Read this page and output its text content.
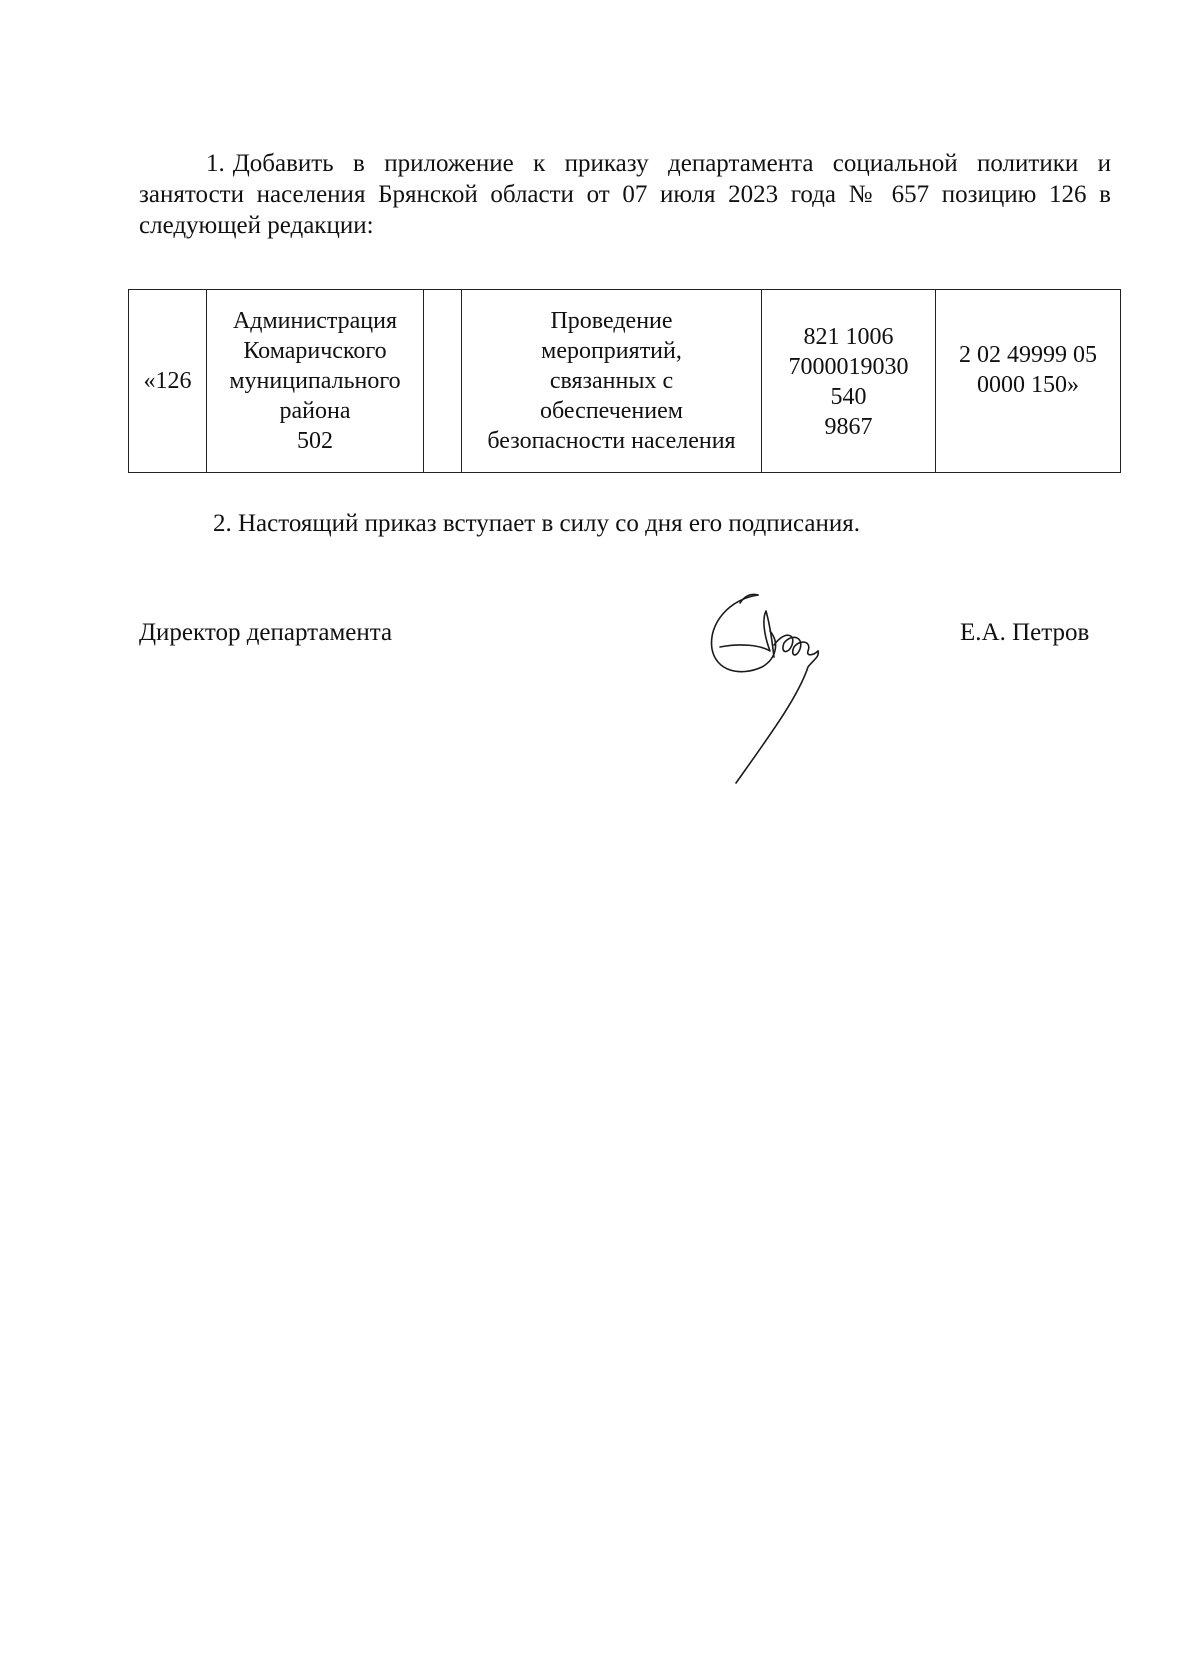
1. Добавить в приложение к приказу департамента социальной политики и занятости населения Брянской области от 07 июля 2023 года № 657 позицию 126 в следующей редакции:

«126	
Администрация
Комаричского
муниципального
района
502

Проведение
мероприятий,
связанных с
обеспечением
безопасности населения

821 1006
7000019030
540
9867

2 02 49999 05
0000 150»
2. Настоящий приказ вступает в силу со дня его подписания.
Директор департамента	Е.А. Петров
